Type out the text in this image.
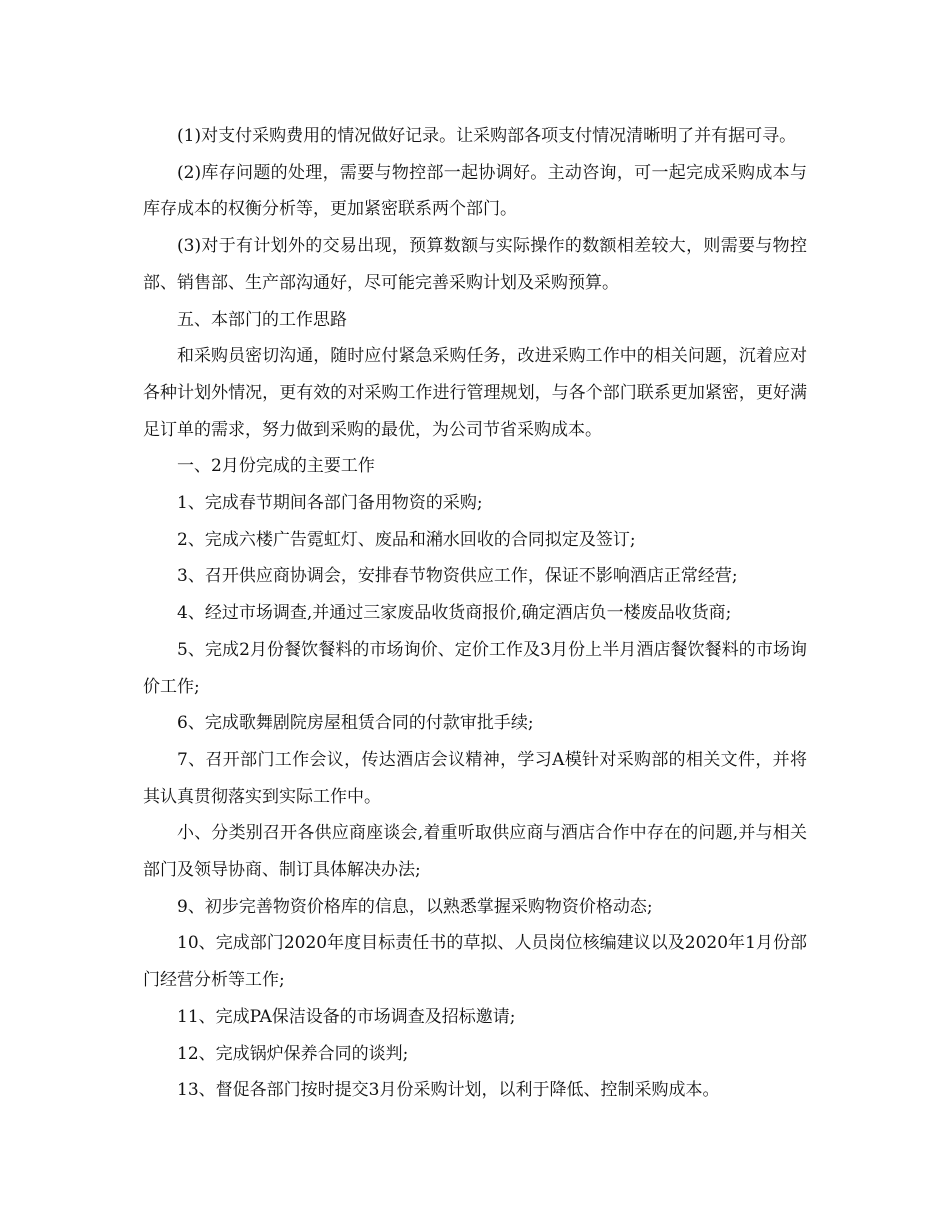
(1)对支付采购费用的情况做好记录。让采购部各项支付情况清晰明了并有据可寻。

(2)库存问题的处理，需要与物控部一起协调好。主动咨询，可一起完成采购成本与库存成本的权衡分析等，更加紧密联系两个部门。

(3)对于有计划外的交易出现，预算数额与实际操作的数额相差较大，则需要与物控部、销售部、生产部沟通好，尽可能完善采购计划及采购预算。

五、本部门的工作思路

和采购员密切沟通，随时应付紧急采购任务，改进采购工作中的相关问题，沉着应对各种计划外情况，更有效的对采购工作进行管理规划，与各个部门联系更加紧密，更好满足订单的需求，努力做到采购的最优，为公司节省采购成本。

一、2月份完成的主要工作

1、完成春节期间各部门备用物资的采购;

2、完成六楼广告霓虹灯、废品和潲水回收的合同拟定及签订;

3、召开供应商协调会，安排春节物资供应工作，保证不影响酒店正常经营;

4、经过市场调查,并通过三家废品收货商报价,确定酒店负一楼废品收货商;

5、完成2月份餐饮餐料的市场询价、定价工作及3月份上半月酒店餐饮餐料的市场询价工作;

6、完成歌舞剧院房屋租赁合同的付款审批手续;

7、召开部门工作会议，传达酒店会议精神，学习A模针对采购部的相关文件，并将其认真贯彻落实到实际工作中。

小、分类别召开各供应商座谈会,着重听取供应商与酒店合作中存在的问题,并与相关部门及领导协商、制订具体解决办法;

9、初步完善物资价格库的信息，以熟悉掌握采购物资价格动态;

10、完成部门2020年度目标责任书的草拟、人员岗位核编建议以及2020年1月份部门经营分析等工作;

11、完成PA保洁设备的市场调查及招标邀请;

12、完成锅炉保养合同的谈判;

13、督促各部门按时提交3月份采购计划，以利于降低、控制采购成本。
